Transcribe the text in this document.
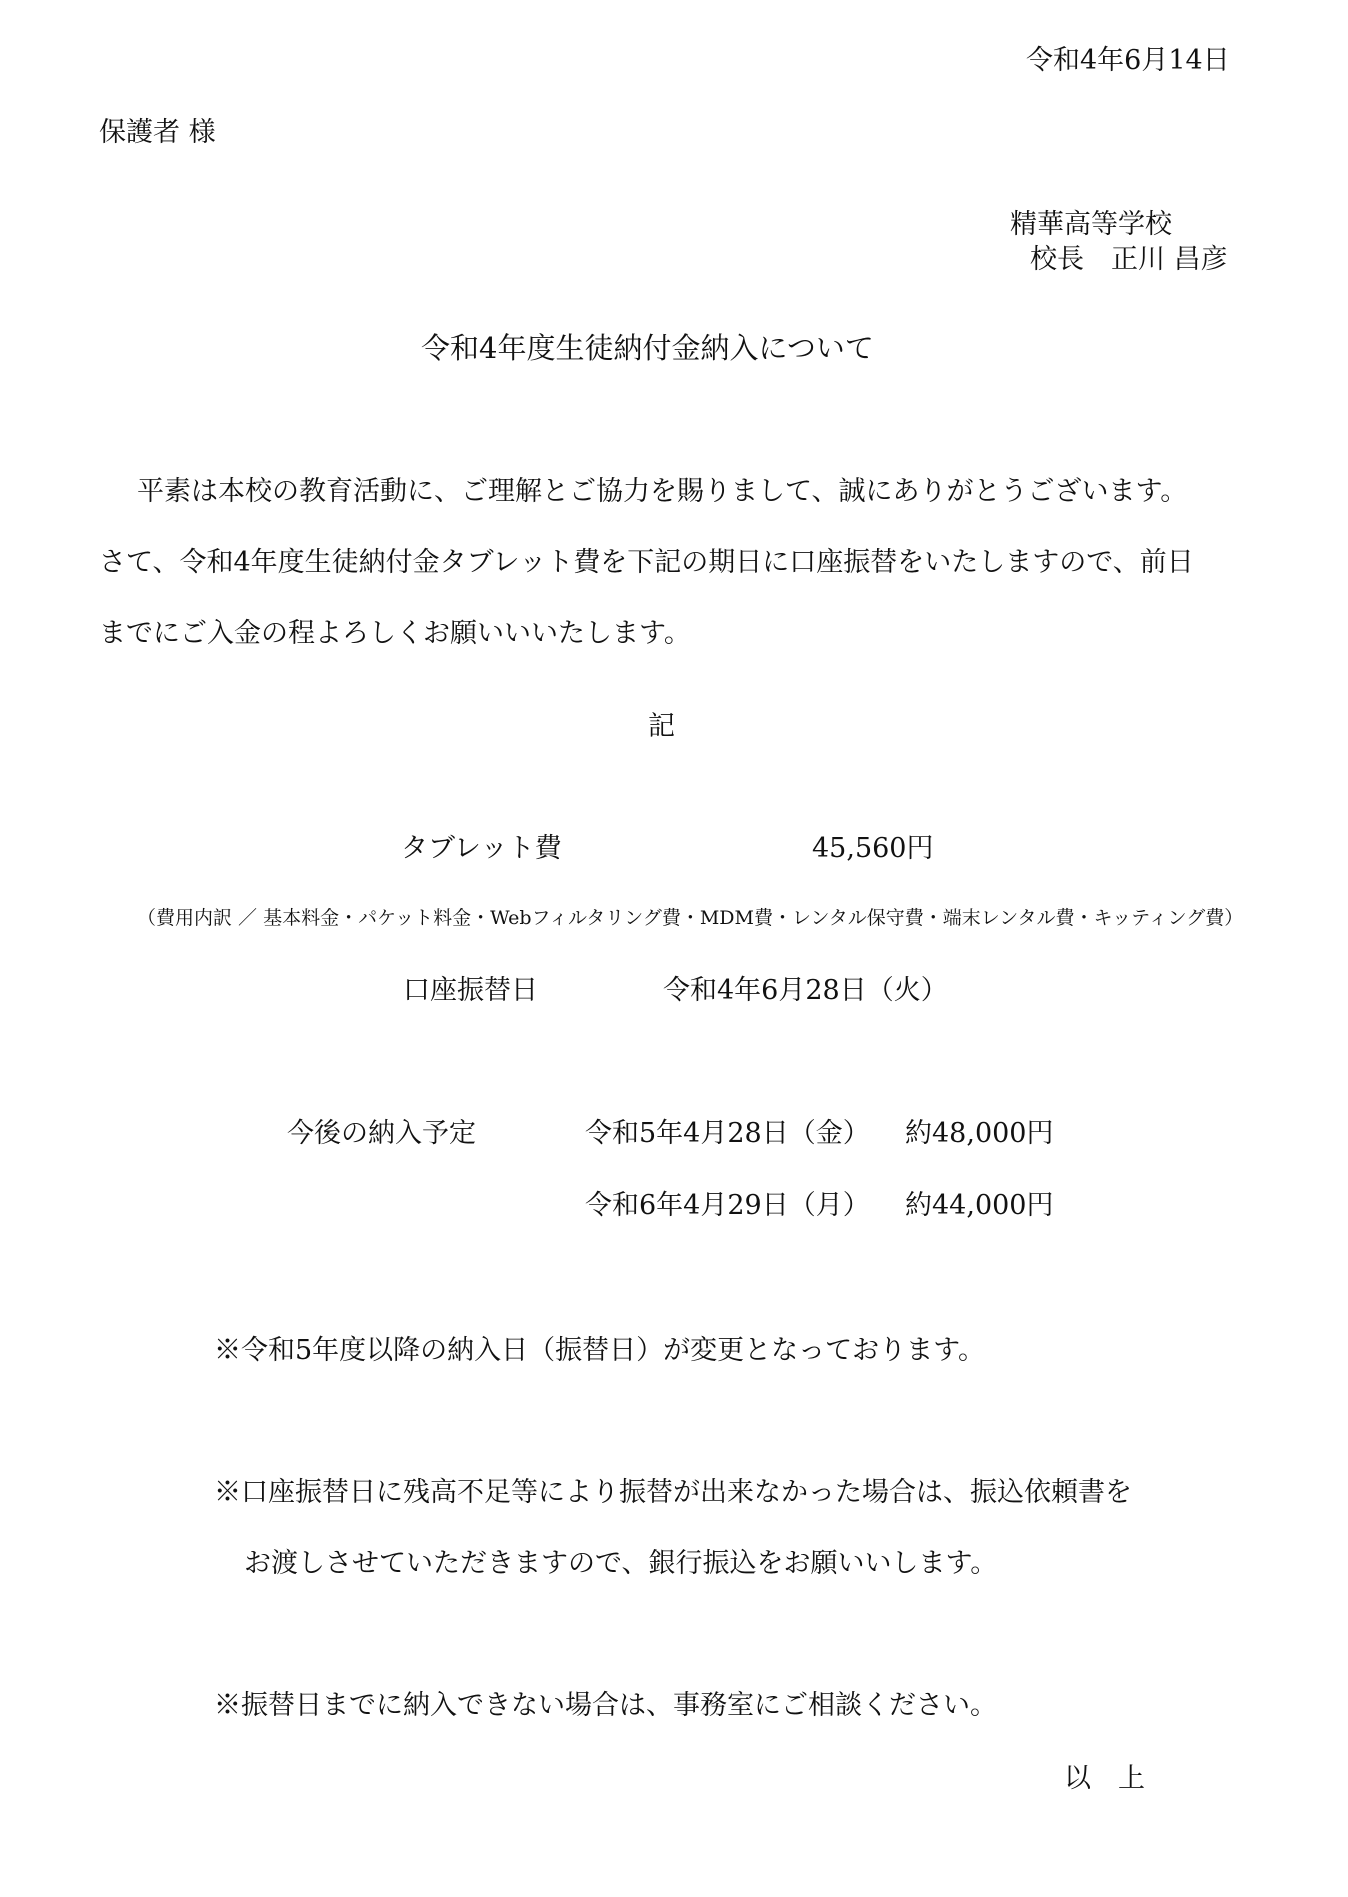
令和4年6月14日
保護者 様
精華高等学校
校長　正川 昌彦
令和4年度生徒納付金納入について
平素は本校の教育活動に、ご理解とご協力を賜りまして、誠にありがとうございます。
さて、令和4年度生徒納付金タブレット費を下記の期日に口座振替をいたしますので、前日
までにご入金の程よろしくお願いいいたします。
記
タブレット費	45,560円
（費用内訳 ／ 基本料金・パケット料金・Webフィルタリング費・MDM費・レンタル保守費・端末レンタル費・キッティング費）
口座振替日	令和4年6月28日（火）
今後の納入予定	令和5年4月28日（金） 約48,000円
令和6年4月29日（月） 約44,000円
※令和5年度以降の納入日（振替日）が変更となっております。
※口座振替日に残高不足等により振替が出来なかった場合は、振込依頼書を
お渡しさせていただきますので、銀行振込をお願いいします。
※振替日までに納入できない場合は、事務室にご相談ください。
以　上
